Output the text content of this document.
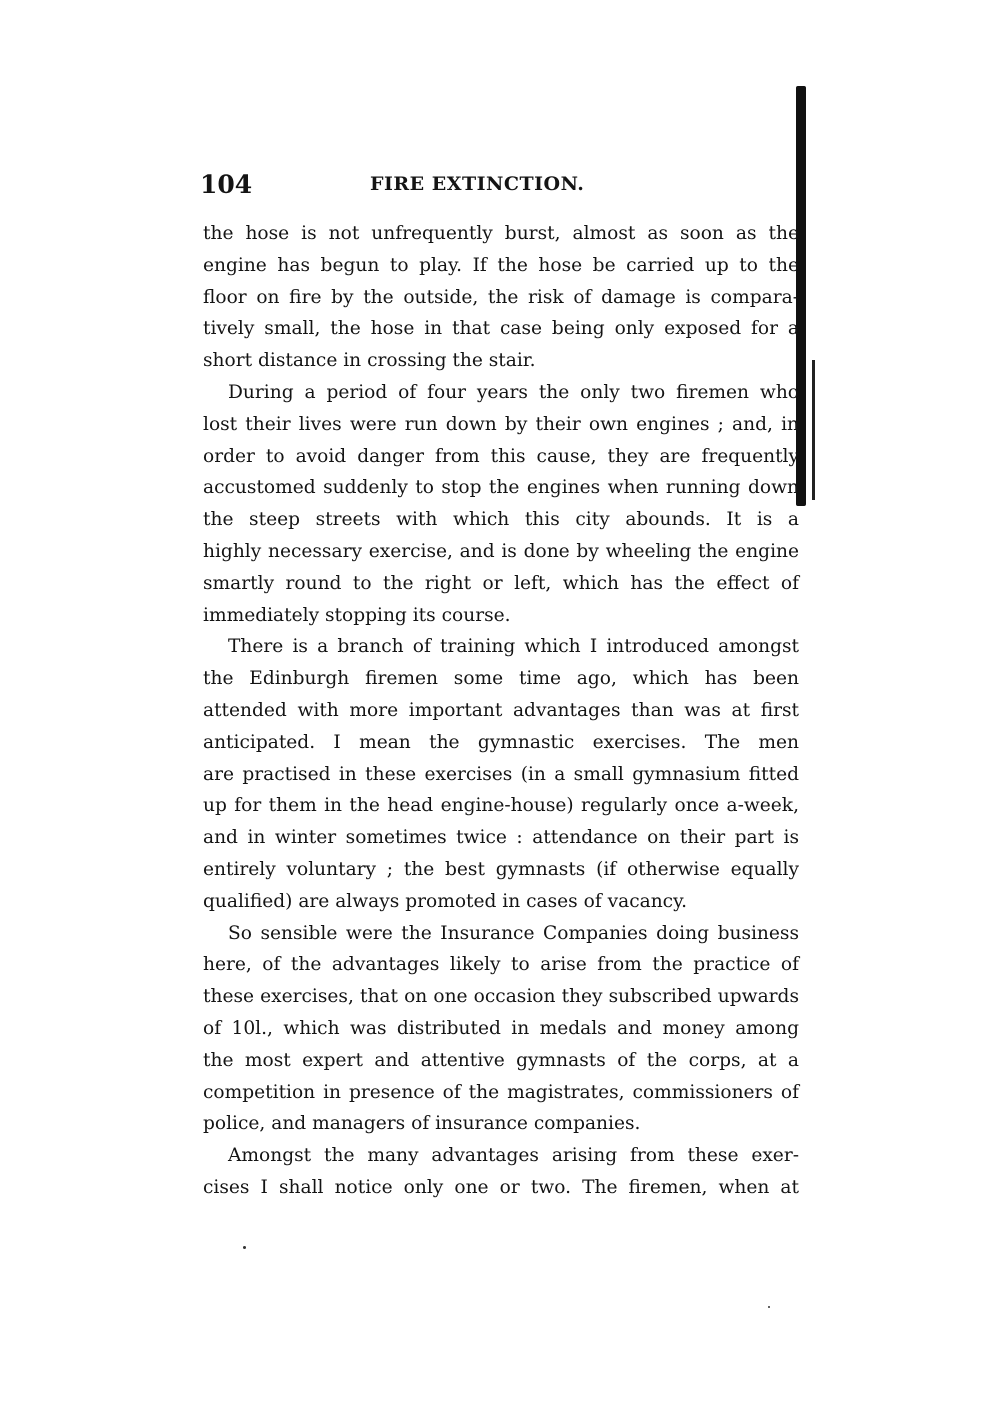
104	FIRE EXTINCTION.
the hose is not unfrequently burst, almost as soon as the
engine has begun to play. If the hose be carried up to the
floor on fire by the outside, the risk of damage is compara-
tively small, the hose in that case being only exposed for a
short distance in crossing the stair.
During a period of four years the only two firemen who
lost their lives were run down by their own engines ; and, in
order to avoid danger from this cause, they are frequently
accustomed suddenly to stop the engines when running down
the steep streets with which this city abounds. It is a
highly necessary exercise, and is done by wheeling the engine
smartly round to the right or left, which has the effect of
immediately stopping its course.
There is a branch of training which I introduced amongst
the Edinburgh firemen some time ago, which has been
attended with more important advantages than was at first
anticipated. I mean the gymnastic exercises. The men
are practised in these exercises (in a small gymnasium fitted
up for them in the head engine-house) regularly once a-week,
and in winter sometimes twice : attendance on their part is
entirely voluntary ; the best gymnasts (if otherwise equally
qualified) are always promoted in cases of vacancy.
So sensible were the Insurance Companies doing business
here, of the advantages likely to arise from the practice of
these exercises, that on one occasion they subscribed upwards
of 10l., which was distributed in medals and money among
the most expert and attentive gymnasts of the corps, at a
competition in presence of the magistrates, commissioners of
police, and managers of insurance companies.
Amongst the many advantages arising from these exer-
cises I shall notice only one or two. The firemen, when at
